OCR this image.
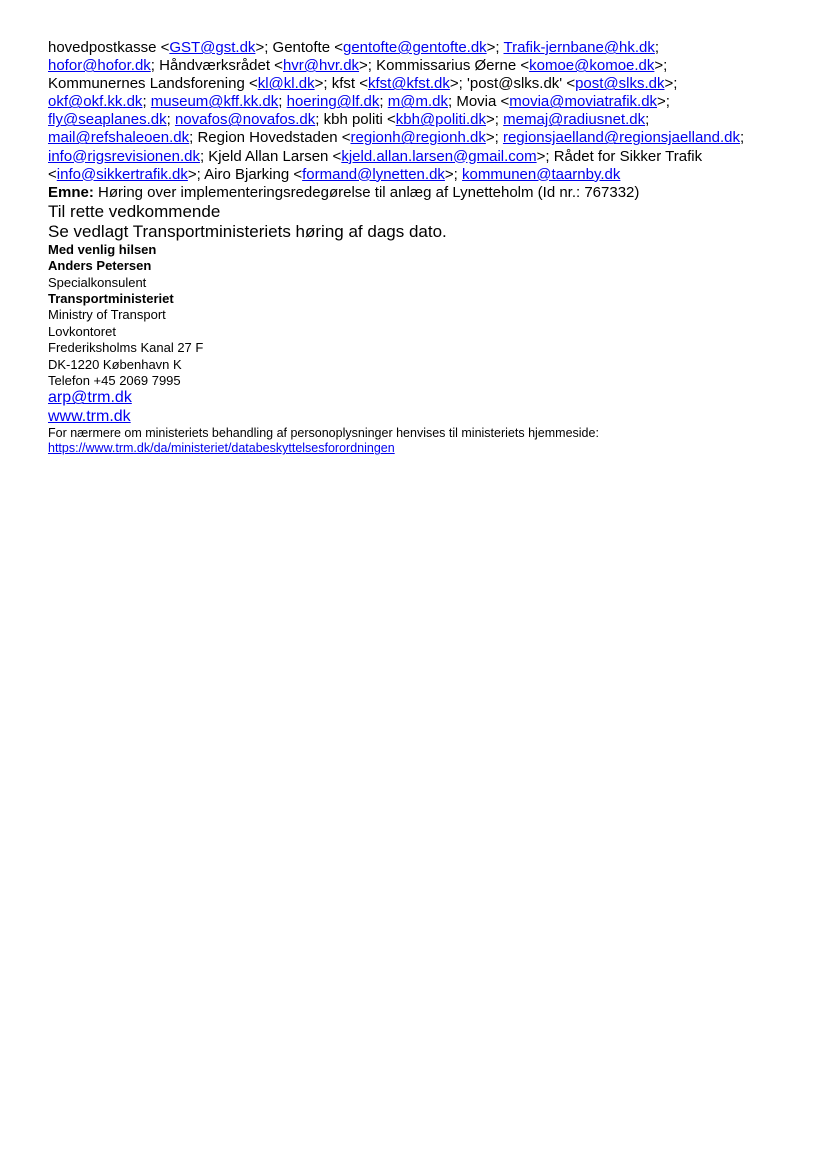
hovedpostkasse <GST@gst.dk>; Gentofte <gentofte@gentofte.dk>; Trafik-jernbane@hk.dk;
hofor@hofor.dk; Håndværksrådet <hvr@hvr.dk>; Kommissarius Øerne <komoe@komoe.dk>;
Kommunernes Landsforening <kl@kl.dk>; kfst <kfst@kfst.dk>; 'post@slks.dk' <post@slks.dk>;
okf@okf.kk.dk; museum@kff.kk.dk; hoering@lf.dk; m@m.dk; Movia <movia@moviatrafik.dk>;
fly@seaplanes.dk; novafos@novafos.dk; kbh politi <kbh@politi.dk>; memaj@radiusnet.dk;
mail@refshaleoen.dk; Region Hovedstaden <regionh@regionh.dk>; regionsjaelland@regionsjaelland.dk;
info@rigsrevisionen.dk; Kjeld Allan Larsen <kjeld.allan.larsen@gmail.com>; Rådet for Sikker Trafik
<info@sikkertrafik.dk>; Airo Bjarking <formand@lynetten.dk>; kommunen@taarnby.dk
Emne: Høring over implementeringsredegørelse til anlæg af Lynetteholm (Id nr.: 767332)
Til rette vedkommende
Se vedlagt Transportministeriets høring af dags dato.
Med venlig hilsen
Anders Petersen
Specialkonsulent
Transportministeriet
Ministry of Transport
Lovkontoret
Frederiksholms Kanal 27 F
DK-1220 København K
Telefon +45 2069 7995
arp@trm.dk
www.trm.dk
For nærmere om ministeriets behandling af personoplysninger henvises til ministeriets hjemmeside:
https://www.trm.dk/da/ministeriet/databeskyttelsesforordningen
